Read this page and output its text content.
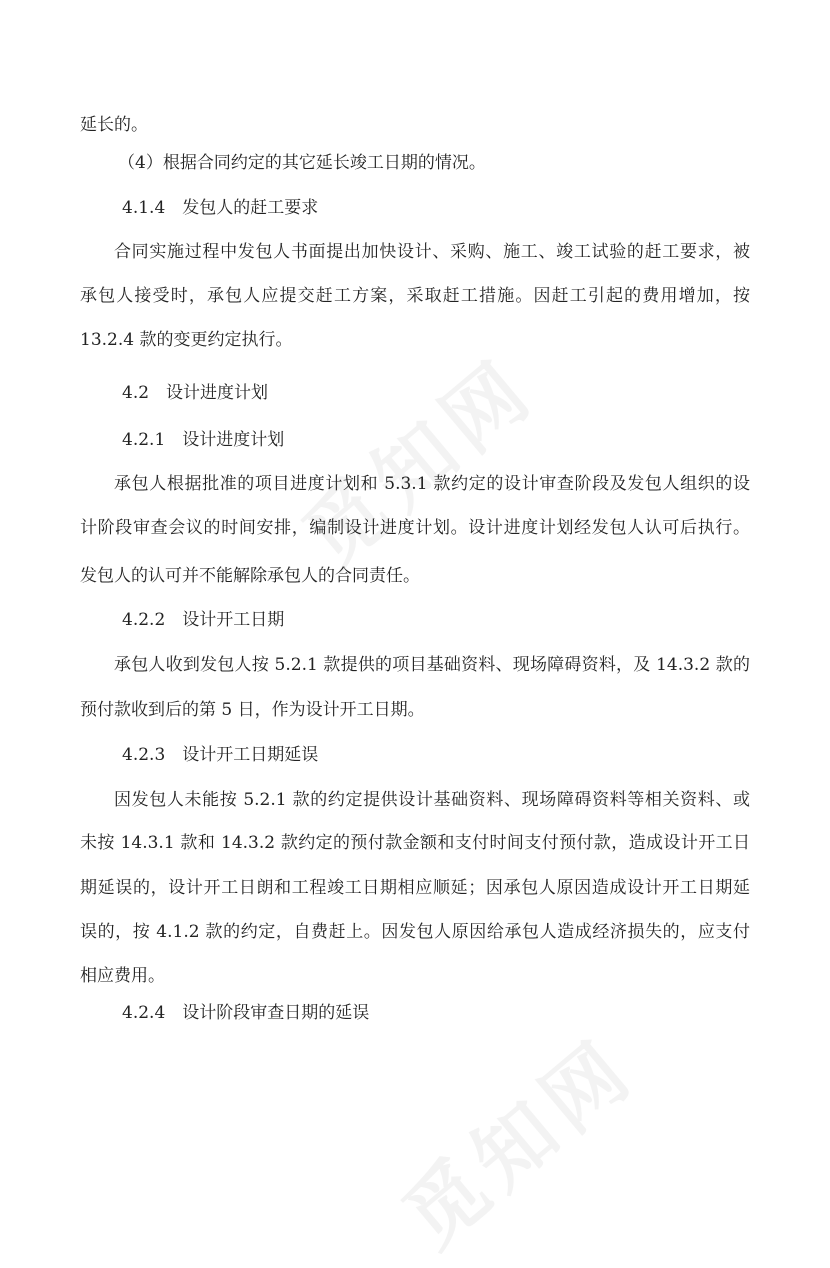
延长的。
（4）根据合同约定的其它延长竣工日期的情况。
4.1.4　发包人的赶工要求
合同实施过程中发包人书面提出加快设计、采购、施工、竣工试验的赶工要求，被
承包人接受时，承包人应提交赶工方案，采取赶工措施。因赶工引起的费用增加，按
13.2.4 款的变更约定执行。
4.2　设计进度计划
4.2.1　设计进度计划
承包人根据批准的项目进度计划和 5.3.1 款约定的设计审查阶段及发包人组织的设
计阶段审查会议的时间安排，编制设计进度计划。设计进度计划经发包人认可后执行。
发包人的认可并不能解除承包人的合同责任。
4.2.2　设计开工日期
承包人收到发包人按 5.2.1 款提供的项目基础资料、现场障碍资料，及 14.3.2 款的
预付款收到后的第 5 日，作为设计开工日期。
4.2.3　设计开工日期延误
因发包人未能按 5.2.1 款的约定提供设计基础资料、现场障碍资料等相关资料、或
未按 14.3.1 款和 14.3.2 款约定的预付款金额和支付时间支付预付款，造成设计开工日
期延误的，设计开工日朗和工程竣工日期相应顺延；因承包人原因造成设计开工日期延
误的，按 4.1.2 款的约定，自费赶上。因发包人原因给承包人造成经济损失的，应支付
相应费用。
4.2.4　设计阶段审查日期的延误
